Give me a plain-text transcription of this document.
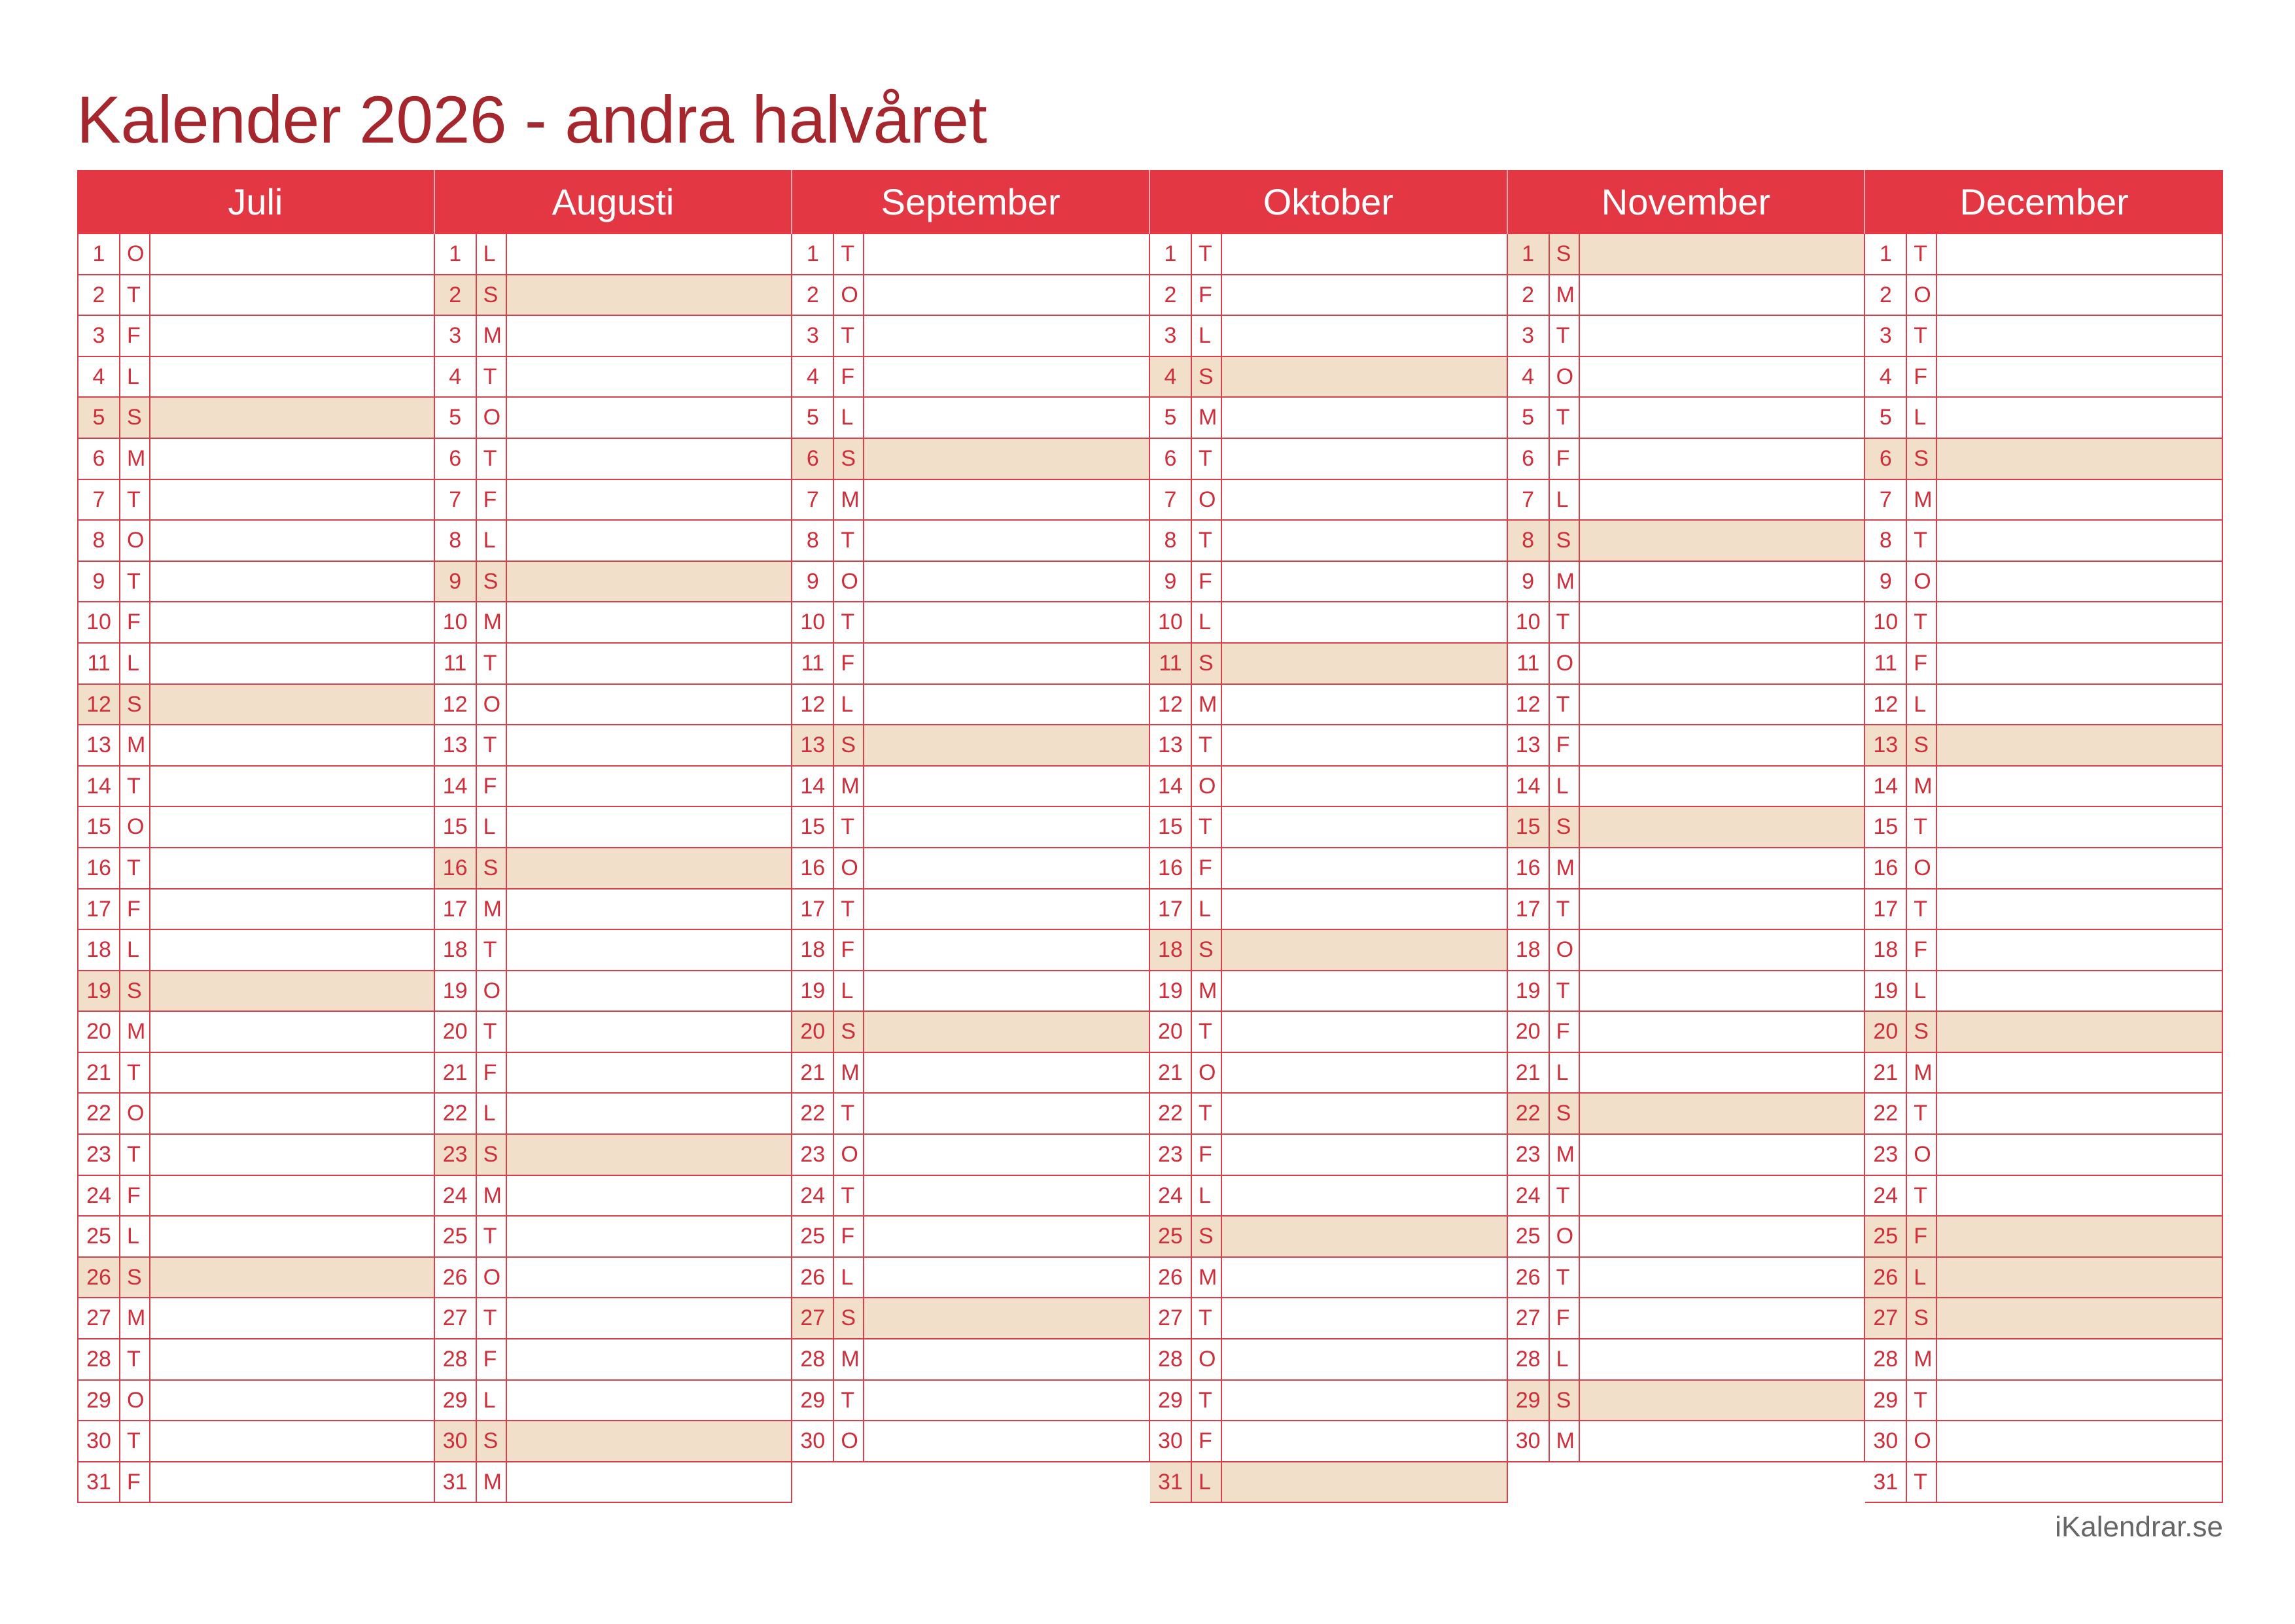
Kalender 2026 - andra halvåret
Juli
1 O
2 T
3 F
4 L
5 S
6 M
7 T
8 O
9 T
10 F
11 L
12 S
13 M
14 T
15 O
16 T
17 F
18 L
19 S
20 M
21 T
22 O
23 T
24 F
25 L
26 S
27 M
28 T
29 O
30 T
31 F
Augusti
1 L
2 S
3 M
4 T
5 O
6 T
7 F
8 L
9 S
10 M
11 T
12 O
13 T
14 F
15 L
16 S
17 M
18 T
19 O
20 T
21 F
22 L
23 S
24 M
25 T
26 O
27 T
28 F
29 L
30 S
31 M
September
1 T
2 O
3 T
4 F
5 L
6 S
7 M
8 T
9 O
10 T
11 F
12 L
13 S
14 M
15 T
16 O
17 T
18 F
19 L
20 S
21 M
22 T
23 O
24 T
25 F
26 L
27 S
28 M
29 T
30 O
Oktober
1 T
2 F
3 L
4 S
5 M
6 T
7 O
8 T
9 F
10 L
11 S
12 M
13 T
14 O
15 T
16 F
17 L
18 S
19 M
20 T
21 O
22 T
23 F
24 L
25 S
26 M
27 T
28 O
29 T
30 F
31 L
November
1 S
2 M
3 T
4 O
5 T
6 F
7 L
8 S
9 M
10 T
11 O
12 T
13 F
14 L
15 S
16 M
17 T
18 O
19 T
20 F
21 L
22 S
23 M
24 T
25 O
26 T
27 F
28 L
29 S
30 M
December
1 T
2 O
3 T
4 F
5 L
6 S
7 M
8 T
9 O
10 T
11 F
12 L
13 S
14 M
15 T
16 O
17 T
18 F
19 L
20 S
21 M
22 T
23 O
24 T
25 F
26 L
27 S
28 M
29 T
30 O
31 T
iKalendrar.se
